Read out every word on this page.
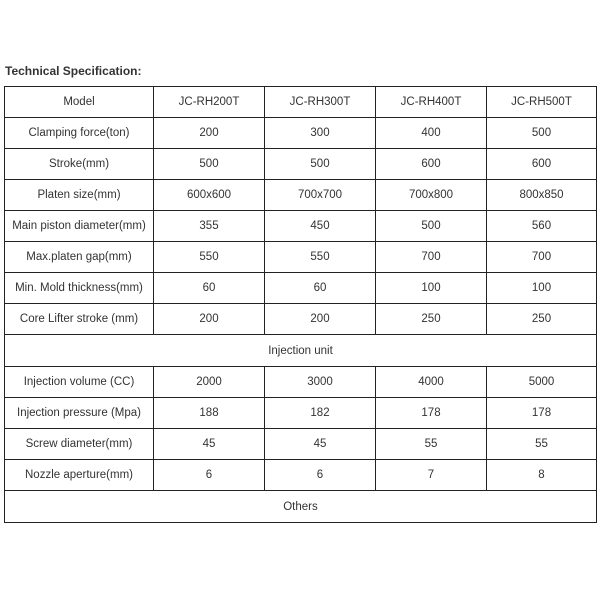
Technical Specification:
Model	JC-RH200T	JC-RH300T	JC-RH400T	JC-RH500T
Clamping force(ton)	200	300	400	500
Stroke(mm)	500	500	600	600
Platen size(mm)	600x600	700x700	700x800	800x850
Main piston diameter(mm)	355	450	500	560
Max.platen gap(mm)	550	550	700	700
Min. Mold thickness(mm)	60	60	100	100
Core Lifter stroke (mm)	200	200	250	250
Injection unit				
Injection volume (CC)	2000	3000	4000	5000
Injection pressure (Mpa)	188	182	178	178
Screw diameter(mm)	45	45	55	55
Nozzle aperture(mm)	6	6	7	8
Others				
